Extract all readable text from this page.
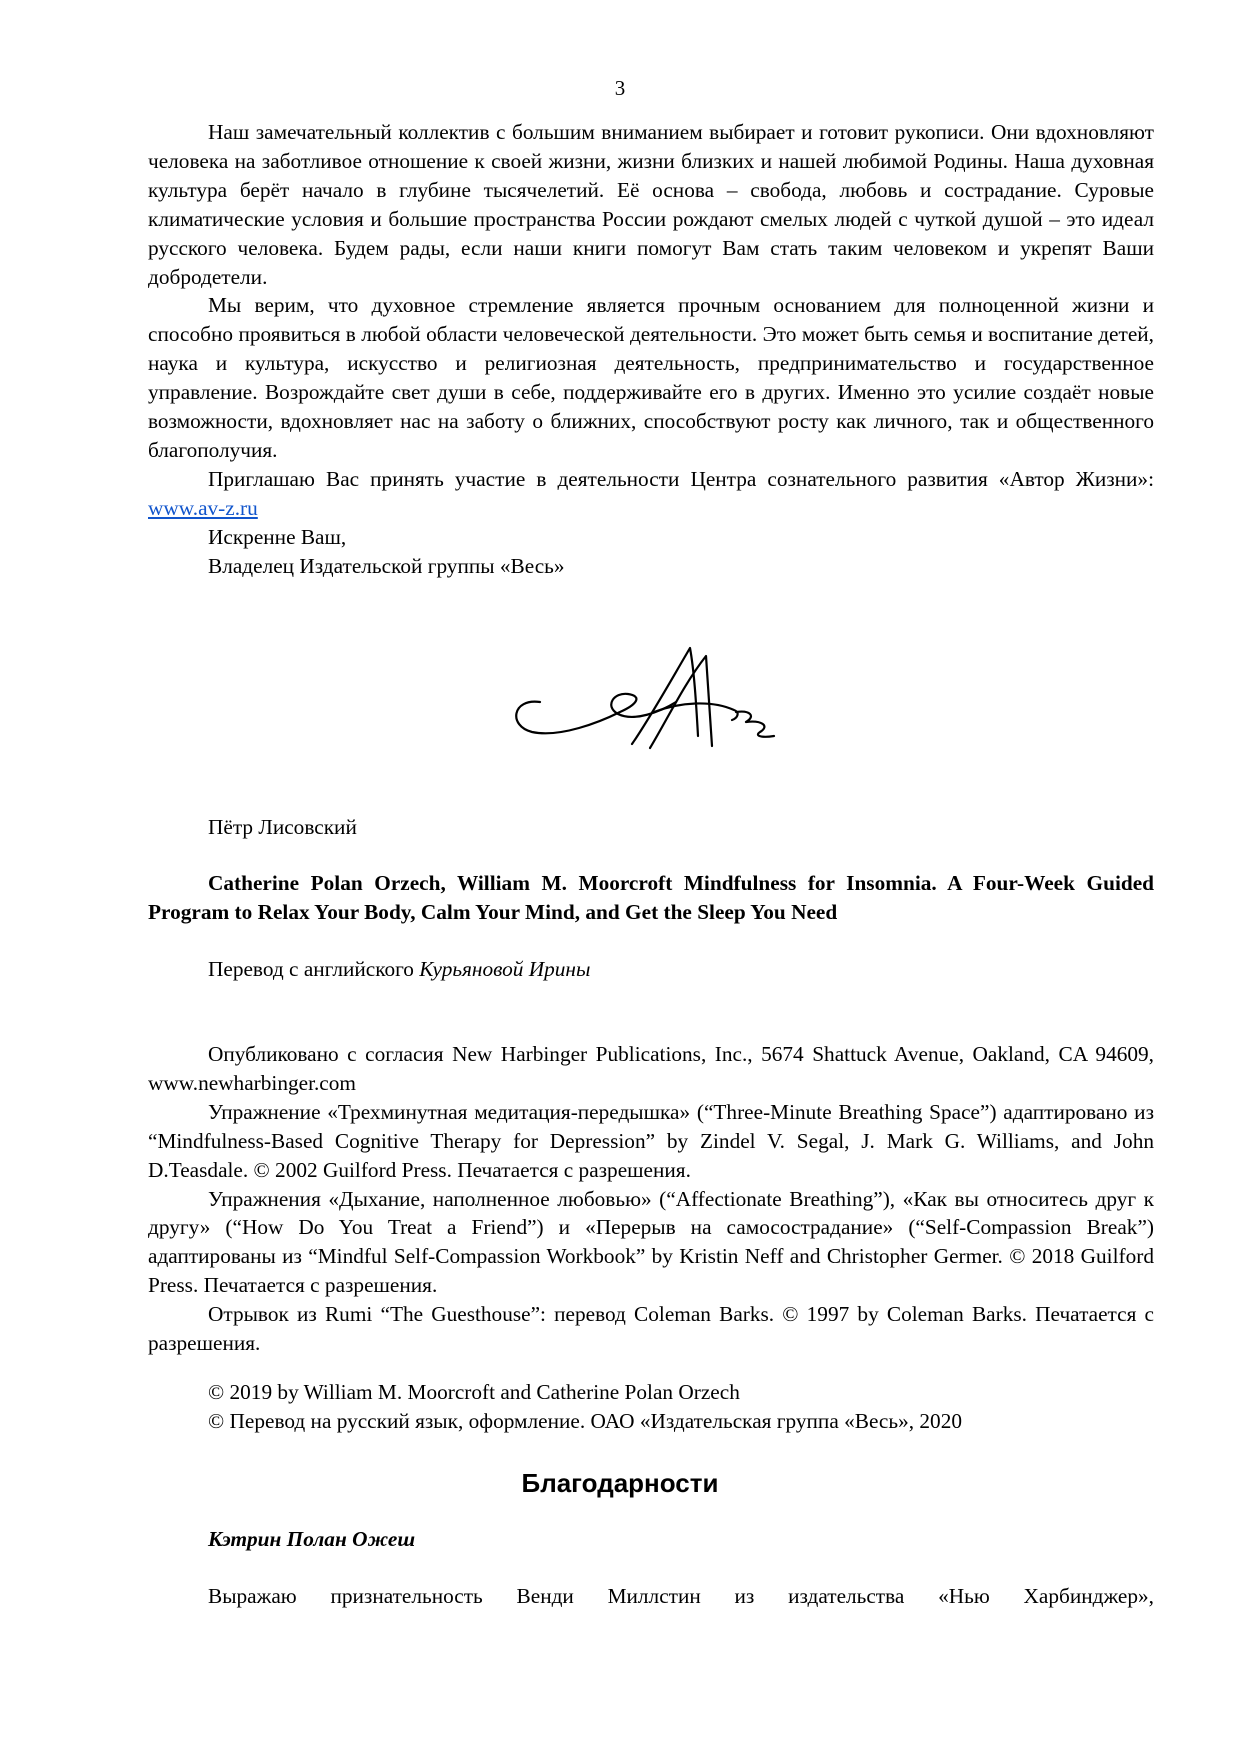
3

Наш замечательный коллектив с большим вниманием выбирает и готовит рукописи. Они вдохновляют человека на заботливое отношение к своей жизни, жизни близких и нашей любимой Родины. Наша духовная культура берёт начало в глубине тысячелетий. Её основа – свобода, любовь и сострадание. Суровые климатические условия и большие пространства России рождают смелых людей с чуткой душой – это идеал русского человека. Будем рады, если наши книги помогут Вам стать таким человеком и укрепят Ваши добродетели.

Мы верим, что духовное стремление является прочным основанием для полноценной жизни и способно проявиться в любой области человеческой деятельности. Это может быть семья и воспитание детей, наука и культура, искусство и религиозная деятельность, предпринимательство и государственное управление. Возрождайте свет души в себе, поддерживайте его в других. Именно это усилие создаёт новые возможности, вдохновляет нас на заботу о ближних, способствуют росту как личного, так и общественного благополучия.

Приглашаю Вас принять участие в деятельности Центра сознательного развития «Автор Жизни»: www.av-z.ru

Искренне Ваш,

Владелец Издательской группы «Весь»

Пётр Лисовский

Catherine Polan Orzech, William M. Moorcroft Mindfulness for Insomnia. A Four-Week Guided Program to Relax Your Body, Calm Your Mind, and Get the Sleep You Need

Перевод с английского Курьяновой Ирины

Опубликовано с согласия New Harbinger Publications, Inc., 5674 Shattuck Avenue, Oakland, CA 94609, www.newharbinger.com

Упражнение «Трехминутная медитация-передышка» (“Three-Minute Breathing Space”) адаптировано из “Mindfulness-Based Cognitive Therapy for Depression” by Zindel V. Segal, J. Mark G. Williams, and John D.Teasdale. © 2002 Guilford Press. Печатается с разрешения.

Упражнения «Дыхание, наполненное любовью» (“Affectionate Breathing”), «Как вы относитесь друг к другу» (“How Do You Treat a Friend”) и «Перерыв на самосострадание» (“Self-Compassion Break”) адаптированы из “Mindful Self-Compassion Workbook” by Kristin Neff and Christopher Germer. © 2018 Guilford Press. Печатается с разрешения.

Отрывок из Rumi “The Guesthouse”: перевод Coleman Barks. © 1997 by Coleman Barks. Печатается с разрешения.

© 2019 by William M. Moorcroft and Catherine Polan Orzech

© Перевод на русский язык, оформление. ОАО «Издательская группа «Весь», 2020

Благодарности

Кэтрин Полан Ожеш

Выражаю признательность Венди Миллстин из издательства «Нью Харбинджер»,
